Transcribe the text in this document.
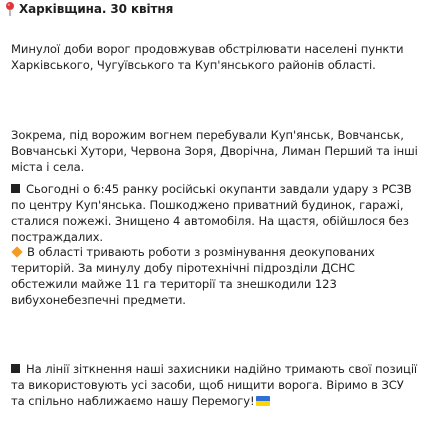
Харківщина. 30 квітня

Минулої доби ворог продовжував обстрілювати населені пункти Харківського, Чугуївського та Куп'янського районів області.

Зокрема, під ворожим вогнем перебували Куп'янськ, Вовчанськ, Вовчанські Хутори, Червона Зоря, Дворічна, Лиман Перший та інші міста і села.

Сьогодні о 6:45 ранку російські окупанти завдали удару з РСЗВ по центру Куп'янська. Пошкоджено приватний будинок, гаражі, сталися пожежі. Знищено 4 автомобіля. На щастя, обійшлося без постраждалих.

В області тривають роботи з розмінування деокупованих територій. За минулу добу піротехнічні підрозділи ДСНС обстежили майже 11 га території та знешкодили 123 вибухонебезпечні предмети.

На лінії зіткнення наші захисники надійно тримають свої позиції та використовують усі засоби, щоб нищити ворога. Віримо в ЗСУ та спільно наближаємо нашу Перемогу!
